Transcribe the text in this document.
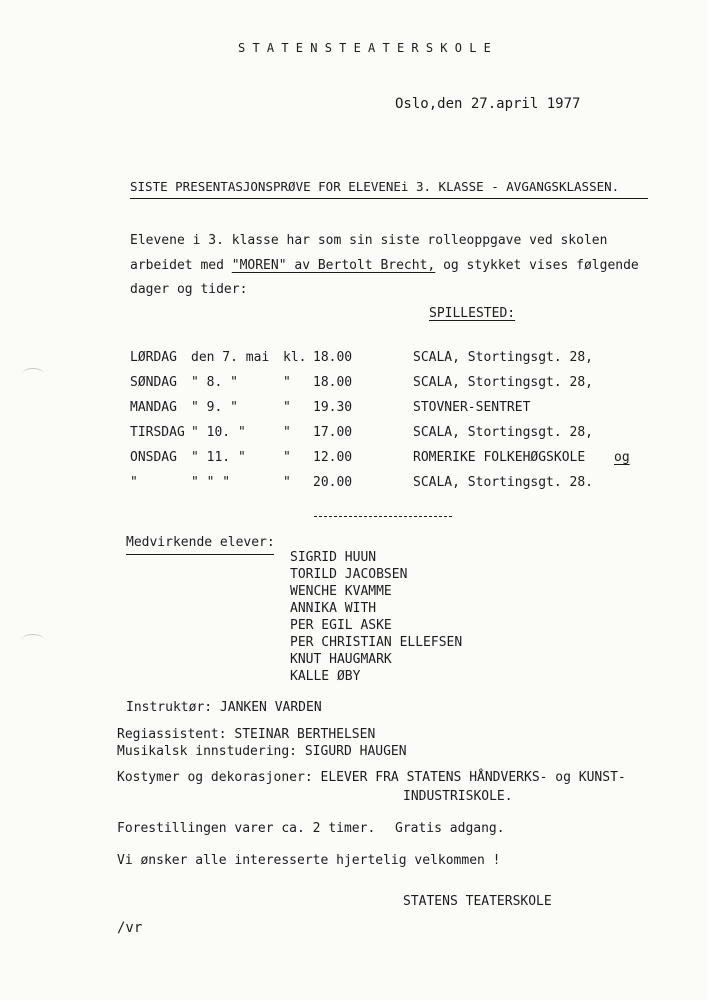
S T A T E N S T E A T E R S K O L E
Oslo,den 27.april 1977
SISTE PRESENTASJONSPRØVE FOR ELEVENEi 3. KLASSE - AVGANGSKLASSEN.
Elevene i 3. klasse har som sin siste rolleoppgave ved skolen
arbeidet med "MOREN" av Bertolt Brecht, og stykket vises følgende
dager og tider:
SPILLESTED:
LØRDAG den 7. mai kl. 18.00	SCALA, Stortingsgt. 28,
SØNDAG " 8. "	" 18.00	SCALA, Stortingsgt. 28,
MANDAG " 9. "	" 19.30	STOVNER-SENTRET
TIRSDAG " 10. "	" 17.00	SCALA, Stortingsgt. 28,
ONSDAG " 11. "	" 12.00	ROMERIKE FOLKEHØGSKOLE og
"	" " "	" 20.00	SCALA, Stortingsgt. 28.
Medvirkende elever:
SIGRID HUUN
TORILD JACOBSEN
WENCHE KVAMME
ANNIKA WITH
PER EGIL ASKE
PER CHRISTIAN ELLEFSEN
KNUT HAUGMARK
KALLE ØBY
Instruktør: JANKEN VARDEN
Regiassistent: STEINAR BERTHELSEN
Musikalsk innstudering: SIGURD HAUGEN
Kostymer og dekorasjoner: ELEVER FRA STATENS HÅNDVERKS- og KUNST-
INDUSTRISKOLE.
Forestillingen varer ca. 2 timer. Gratis adgang.
Vi ønsker alle interesserte hjertelig velkommen !
STATENS TEATERSKOLE
/vr
